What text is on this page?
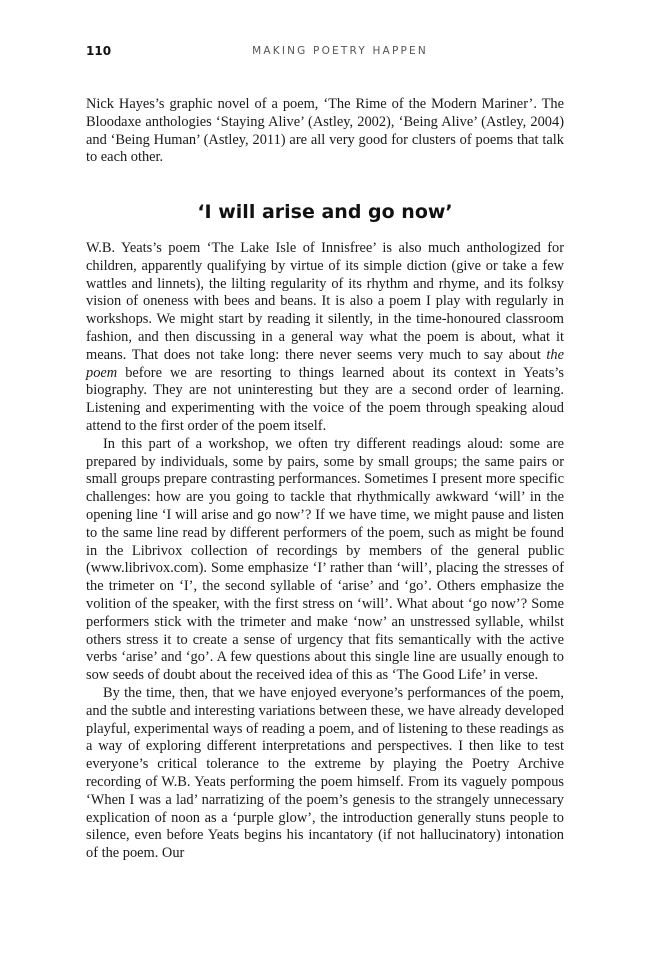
110	MAKING POETRY HAPPEN

Nick Hayes’s graphic novel of a poem, ‘The Rime of the Modern Mariner’. The Bloodaxe anthologies ‘Staying Alive’ (Astley, 2002), ‘Being Alive’ (Astley, 2004) and ‘Being Human’ (Astley, 2011) are all very good for clusters of poems that talk to each other.

‘I will arise and go now’

W.B. Yeats’s poem ‘The Lake Isle of Innisfree’ is also much anthologized for children, apparently qualifying by virtue of its simple diction (give or take a few wattles and linnets), the lilting regularity of its rhythm and rhyme, and its folksy vision of oneness with bees and beans. It is also a poem I play with regularly in workshops. We might start by reading it silently, in the time-honoured classroom fashion, and then discussing in a general way what the poem is about, what it means. That does not take long: there never seems very much to say about the poem before we are resorting to things learned about its context in Yeats’s biography. They are not uninteresting but they are a second order of learning. Listening and experimenting with the voice of the poem through speaking aloud attend to the first order of the poem itself.

In this part of a workshop, we often try different readings aloud: some are prepared by individuals, some by pairs, some by small groups; the same pairs or small groups prepare contrasting performances. Sometimes I present more specific challenges: how are you going to tackle that rhythmically awkward ‘will’ in the opening line ‘I will arise and go now’? If we have time, we might pause and listen to the same line read by different performers of the poem, such as might be found in the Librivox collection of recordings by members of the general public (www.librivox.com). Some emphasize ‘I’ rather than ‘will’, placing the stresses of the trimeter on ‘I’, the second syllable of ‘arise’ and ‘go’. Others emphasize the volition of the speaker, with the first stress on ‘will’. What about ‘go now’? Some performers stick with the trimeter and make ‘now’ an unstressed syllable, whilst others stress it to create a sense of urgency that fits semantically with the active verbs ‘arise’ and ‘go’. A few questions about this single line are usually enough to sow seeds of doubt about the received idea of this as ‘The Good Life’ in verse.

By the time, then, that we have enjoyed everyone’s performances of the poem, and the subtle and interesting variations between these, we have already developed playful, experimental ways of reading a poem, and of listening to these readings as a way of exploring different interpretations and perspectives. I then like to test everyone’s critical tolerance to the extreme by playing the Poetry Archive recording of W.B. Yeats performing the poem himself. From its vaguely pompous ‘When I was a lad’ narratizing of the poem’s genesis to the strangely unnecessary explication of noon as a ‘purple glow’, the introduction generally stuns people to silence, even before Yeats begins his incantatory (if not hallucinatory) intonation of the poem. Our
